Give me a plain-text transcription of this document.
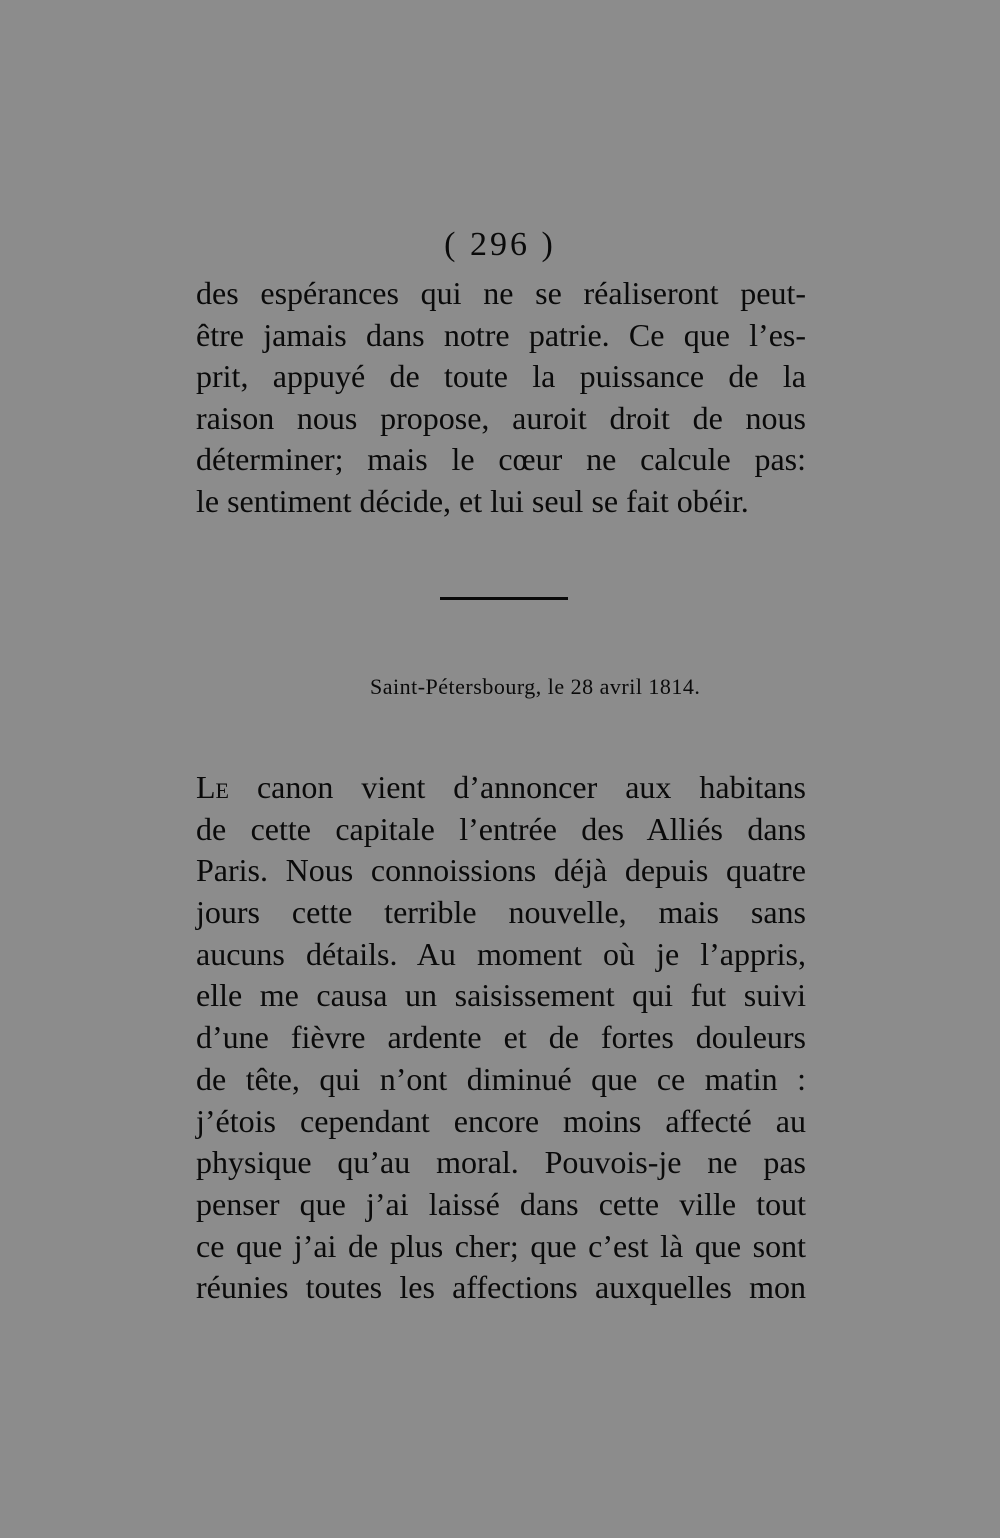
( 296 )
des espérances qui ne se réaliseront peut-
être jamais dans notre patrie. Ce que l’es-
prit, appuyé de toute la puissance de la
raison nous propose, auroit droit de nous
déterminer; mais le cœur ne calcule pas:
le sentiment décide, et lui seul se fait obéir.
Saint-Pétersbourg, le 28 avril 1814.
Le canon vient d’annoncer aux habitans
de cette capitale l’entrée des Alliés dans
Paris. Nous connoissions déjà depuis quatre
jours cette terrible nouvelle, mais sans
aucuns détails. Au moment où je l’appris,
elle me causa un saisissement qui fut suivi
d’une fièvre ardente et de fortes douleurs
de tête, qui n’ont diminué que ce matin :
j’étois cependant encore moins affecté au
physique qu’au moral. Pouvois-je ne pas
penser que j’ai laissé dans cette ville tout
ce que j’ai de plus cher; que c’est là que sont
réunies toutes les affections auxquelles mon
